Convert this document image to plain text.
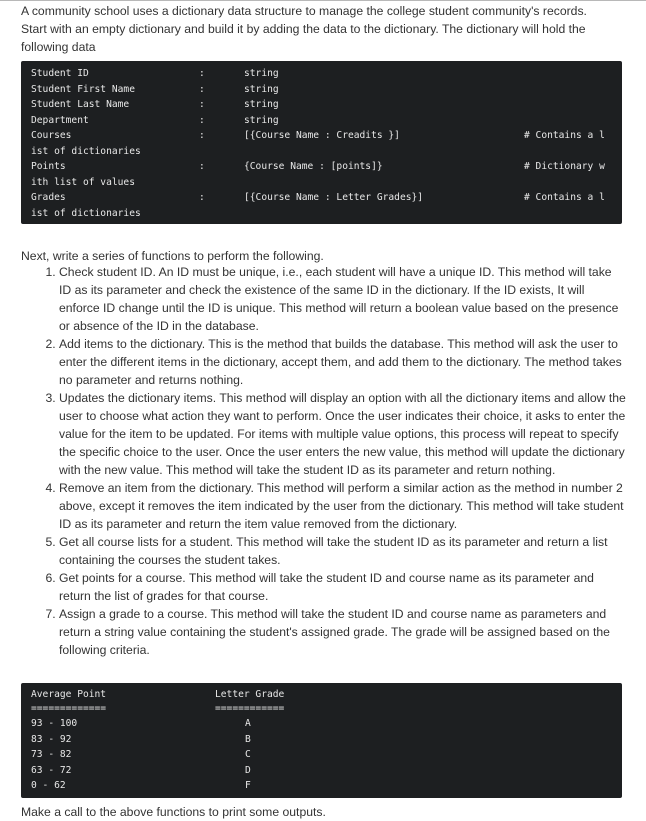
A community school uses a dictionary data structure to manage the college student community's records. Start with an empty dictionary and build it by adding the data to the dictionary. The dictionary will hold the following data

Student ID	:	string
Student First Name	:	string
Student Last Name	:	string
Department	:	string
Courses	:	[{Course Name : Creadits }]	# Contains a l
ist of dictionaries
Points	:	{Course Name : [points]}	# Dictionary w
ith list of values
Grades	:	[{Course Name : Letter Grades}]	# Contains a l
ist of dictionaries

Next, write a series of functions to perform the following.

1. Check student ID. An ID must be unique, i.e., each student will have a unique ID. This method will take ID as its parameter and check the existence of the same ID in the dictionary. If the ID exists, It will enforce ID change until the ID is unique. This method will return a boolean value based on the presence or absence of the ID in the database.
2. Add items to the dictionary. This is the method that builds the database. This method will ask the user to enter the different items in the dictionary, accept them, and add them to the dictionary. The method takes no parameter and returns nothing.
3. Updates the dictionary items. This method will display an option with all the dictionary items and allow the user to choose what action they want to perform. Once the user indicates their choice, it asks to enter the value for the item to be updated. For items with multiple value options, this process will repeat to specify the specific choice to the user. Once the user enters the new value, this method will update the dictionary with the new value. This method will take the student ID as its parameter and return nothing.
4. Remove an item from the dictionary. This method will perform a similar action as the method in number 2 above, except it removes the item indicated by the user from the dictionary. This method will take student ID as its parameter and return the item value removed from the dictionary.
5. Get all course lists for a student. This method will take the student ID as its parameter and return a list containing the courses the student takes.
6. Get points for a course. This method will take the student ID and course name as its parameter and return the list of grades for that course.
7. Assign a grade to a course. This method will take the student ID and course name as parameters and return a string value containing the student's assigned grade. The grade will be assigned based on the following criteria.
Average Point	Letter Grade
=============	============
93 - 100	A
83 - 92	B
73 - 82	C
63 - 72	D
0 - 62	F

Make a call to the above functions to print some outputs.
